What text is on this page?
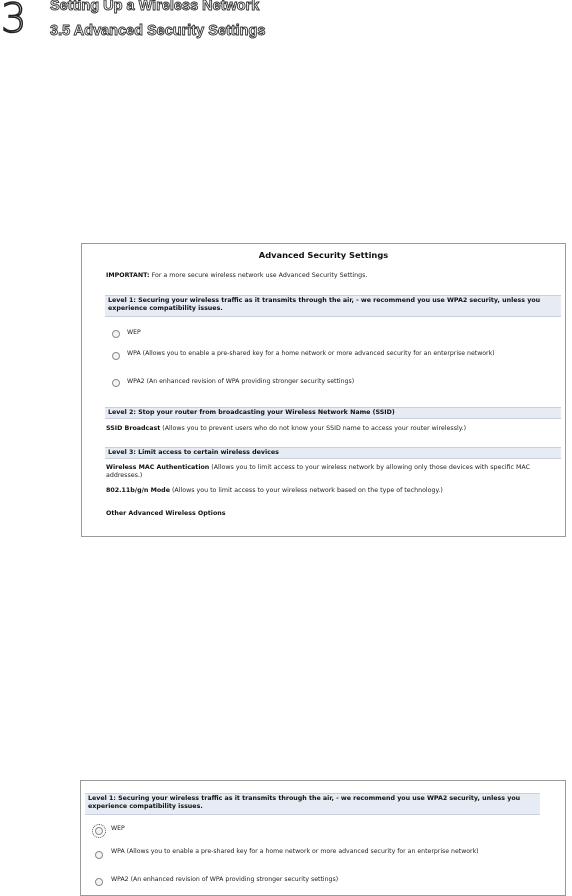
3 Setting Up a Wireless Network
3.5 Advanced Security Settings
Advanced Security Settings
IMPORTANT: For a more secure wireless network use Advanced Security Settings.
Level 1: Securing your wireless traffic as it transmits through the air, - we recommend you use WPA2 security, unless you experience compatibility issues.
WEP
WPA (Allows you to enable a pre-shared key for a home network or more advanced security for an enterprise network)
WPA2 (An enhanced revision of WPA providing stronger security settings)
Level 2: Stop your router from broadcasting your Wireless Network Name (SSID)
SSID Broadcast (Allows you to prevent users who do not know your SSID name to access your router wirelessly.)
Level 3: Limit access to certain wireless devices
Wireless MAC Authentication (Allows you to limit access to your wireless network by allowing only those devices with specific MAC addresses.)
802.11b/g/n Mode (Allows you to limit access to your wireless network based on the type of technology.)
Other Advanced Wireless Options
Level 1: Securing your wireless traffic as it transmits through the air, - we recommend you use WPA2 security, unless you experience compatibility issues.
WEP
WPA (Allows you to enable a pre-shared key for a home network or more advanced security for an enterprise network)
WPA2 (An enhanced revision of WPA providing stronger security settings)
